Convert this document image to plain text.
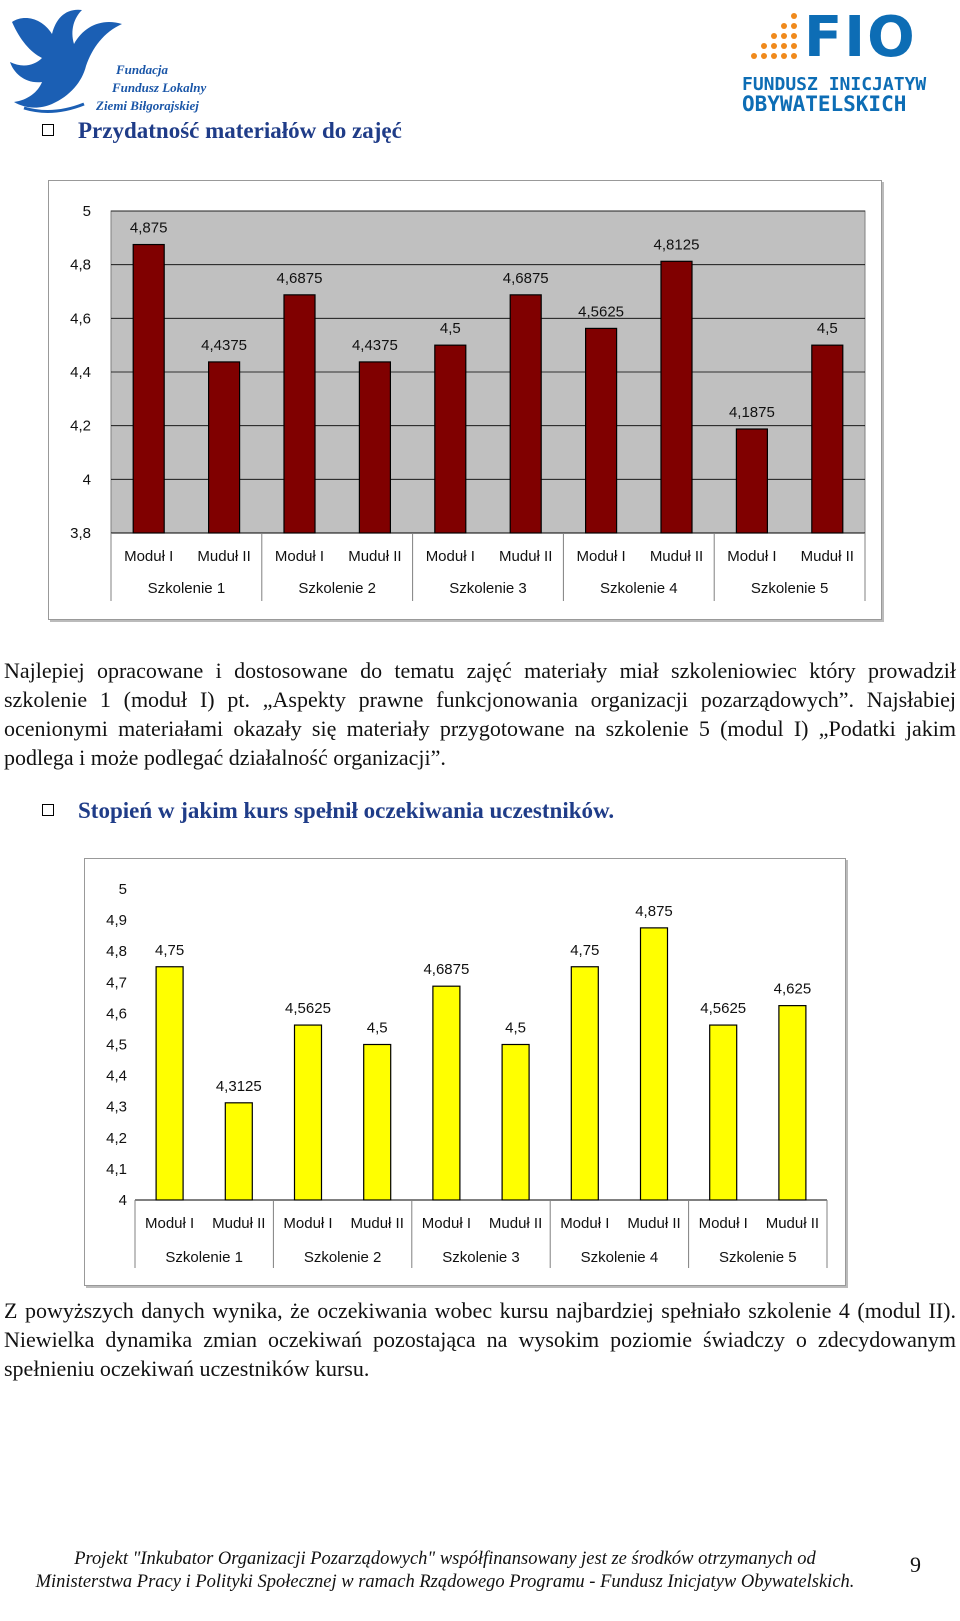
Fundacja
Fundusz Lokalny
Ziemi Biłgorajskiej
FIO
FUNDUSZ INICJATYW
OBYWATELSKICH
Przydatność materiałów do zajęć
3,8
4
4,2
4,4
4,6
4,8
5
4,875
Moduł I
4,4375
Muduł II
4,6875
Moduł I
4,4375
Muduł II
4,5
Moduł I
4,6875
Muduł II
4,5625
Moduł I
4,8125
Muduł II
4,1875
Moduł I
4,5
Muduł II
Szkolenie 1	Szkolenie 2	Szkolenie 3	Szkolenie 4	Szkolenie 5
Najlepiej opracowane i dostosowane do tematu zajęć materiały miał szkoleniowiec który prowadził szkolenie 1 (moduł I) pt. „Aspekty prawne funkcjonowania organizacji pozarządowych”. Najsłabiej ocenionymi materiałami okazały się materiały przygotowane na szkolenie 5 (modul I) „Podatki jakim podlega i może podlegać działalność organizacji”.
Stopień w jakim kurs spełnił oczekiwania uczestników.
4
4,1
4,2
4,3
4,4
4,5
4,6
4,7
4,8
4,9
5
4,75
Moduł I
4,3125
Muduł II
4,5625
Moduł I
4,5
Muduł II
4,6875
Moduł I
4,5
Muduł II
4,75
Moduł I
4,875
Muduł II
4,5625
Moduł I
4,625
Muduł II
Szkolenie 1	Szkolenie 2	Szkolenie 3	Szkolenie 4	Szkolenie 5
Z powyższych danych wynika, że oczekiwania wobec kursu najbardziej spełniało szkolenie 4 (modul II). Niewielka dynamika zmian oczekiwań pozostająca na wysokim poziomie świadczy o zdecydowanym spełnieniu oczekiwań uczestników kursu.
Projekt "Inkubator Organizacji Pozarządowych" współfinansowany jest ze środków otrzymanych od Ministerstwa Pracy i Polityki Społecznej w ramach Rządowego Programu - Fundusz Inicjatyw Obywatelskich.
9
